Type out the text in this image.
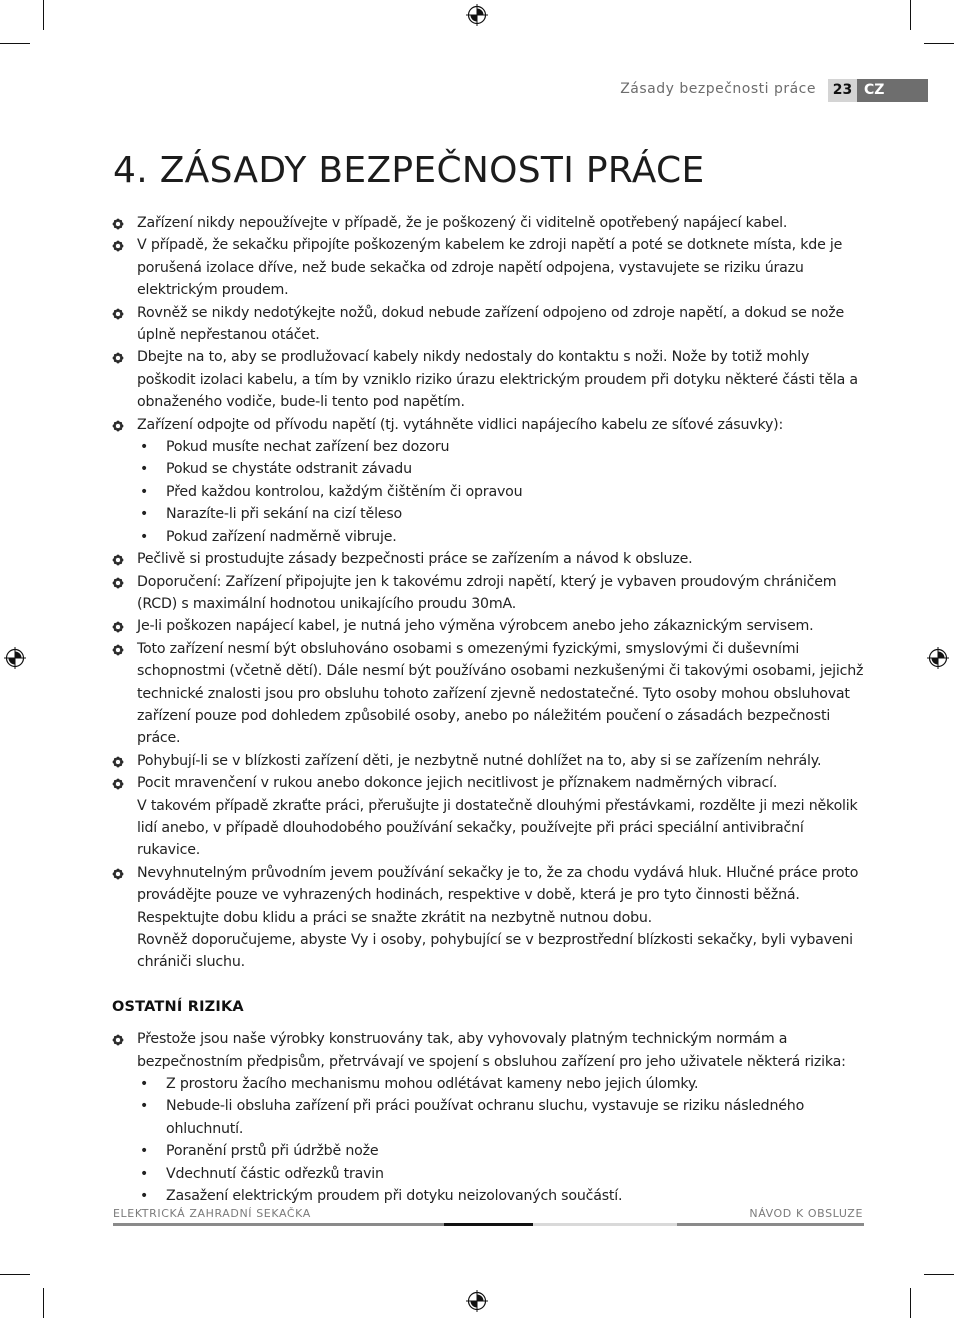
Zásady bezpečnosti práce	23 CZ
4. ZÁSADY BEZPEČNOSTI PRÁCE
Zařízení nikdy nepoužívejte v případě, že je poškozený či viditelně opotřebený napájecí kabel.
V případě, že sekačku připojíte poškozeným kabelem ke zdroji napětí a poté se dotknete místa, kde je porušená izolace dříve, než bude sekačka od zdroje napětí odpojena, vystavujete se riziku úrazu elektrickým proudem.
Rovněž se nikdy nedotýkejte nožů, dokud nebude zařízení odpojeno od zdroje napětí, a dokud se nože úplně nepřestanou otáčet.
Dbejte na to, aby se prodlužovací kabely nikdy nedostaly do kontaktu s noži. Nože by totiž mohly poškodit izolaci kabelu, a tím by vzniklo riziko úrazu elektrickým proudem při dotyku některé části těla a obnaženého vodiče, bude-li tento pod napětím.
Zařízení odpojte od přívodu napětí (tj. vytáhněte vidlici napájecího kabelu ze síťové zásuvky):
• Pokud musíte nechat zařízení bez dozoru
• Pokud se chystáte odstranit závadu
• Před každou kontrolou, každým čištěním či opravou
• Narazíte-li při sekání na cizí těleso
• Pokud zařízení nadměrně vibruje.
Pečlivě si prostudujte zásady bezpečnosti práce se zařízením a návod k obsluze.
Doporučení: Zařízení připojujte jen k takovému zdroji napětí, který je vybaven proudovým chráničem (RCD) s maximální hodnotou unikajícího proudu 30mA.
Je-li poškozen napájecí kabel, je nutná jeho výměna výrobcem anebo jeho zákaznickým servisem.
Toto zařízení nesmí být obsluhováno osobami s omezenými fyzickými, smyslovými či duševními schopnostmi (včetně dětí). Dále nesmí být používáno osobami nezkušenými či takovými osobami, jejichž technické znalosti jsou pro obsluhu tohoto zařízení zjevně nedostatečné. Tyto osoby mohou obsluhovat zařízení pouze pod dohledem způsobilé osoby, anebo po náležitém poučení o zásadách bezpečnosti práce.
Pohybují-li se v blízkosti zařízení děti, je nezbytně nutné dohlížet na to, aby si se zařízením nehrály.
Pocit mravenčení v rukou anebo dokonce jejich necitlivost je příznakem nadměrných vibrací.
V takovém případě zkraťte práci, přerušujte ji dostatečně dlouhými přestávkami, rozdělte ji mezi několik lidí anebo, v případě dlouhodobého používání sekačky, používejte při práci speciální antivibrační rukavice.
Nevyhnutelným průvodním jevem používání sekačky je to, že za chodu vydává hluk. Hlučné práce proto provádějte pouze ve vyhrazených hodinách, respektive v době, která je pro tyto činnosti běžná. Respektujte dobu klidu a práci se snažte zkrátit na nezbytně nutnou dobu.
Rovněž doporučujeme, abyste Vy i osoby, pohybující se v bezprostřední blízkosti sekačky, byli vybaveni chrániči sluchu.
OSTATNÍ RIZIKA
Přestože jsou naše výrobky konstruovány tak, aby vyhovovaly platným technickým normám a bezpečnostním předpisům, přetrvávají ve spojení s obsluhou zařízení pro jeho uživatele některá rizika:
• Z prostoru žacího mechanismu mohou odlétávat kameny nebo jejich úlomky.
• Nebude-li obsluha zařízení při práci používat ochranu sluchu, vystavuje se riziku následného ohluchnutí.
• Poranění prstů při údržbě nože
• Vdechnutí částic odřezků travin
• Zasažení elektrickým proudem při dotyku neizolovaných součástí.
ELEKTRICKÁ ZAHRADNÍ SEKAČKA	NÁVOD K OBSLUZE
